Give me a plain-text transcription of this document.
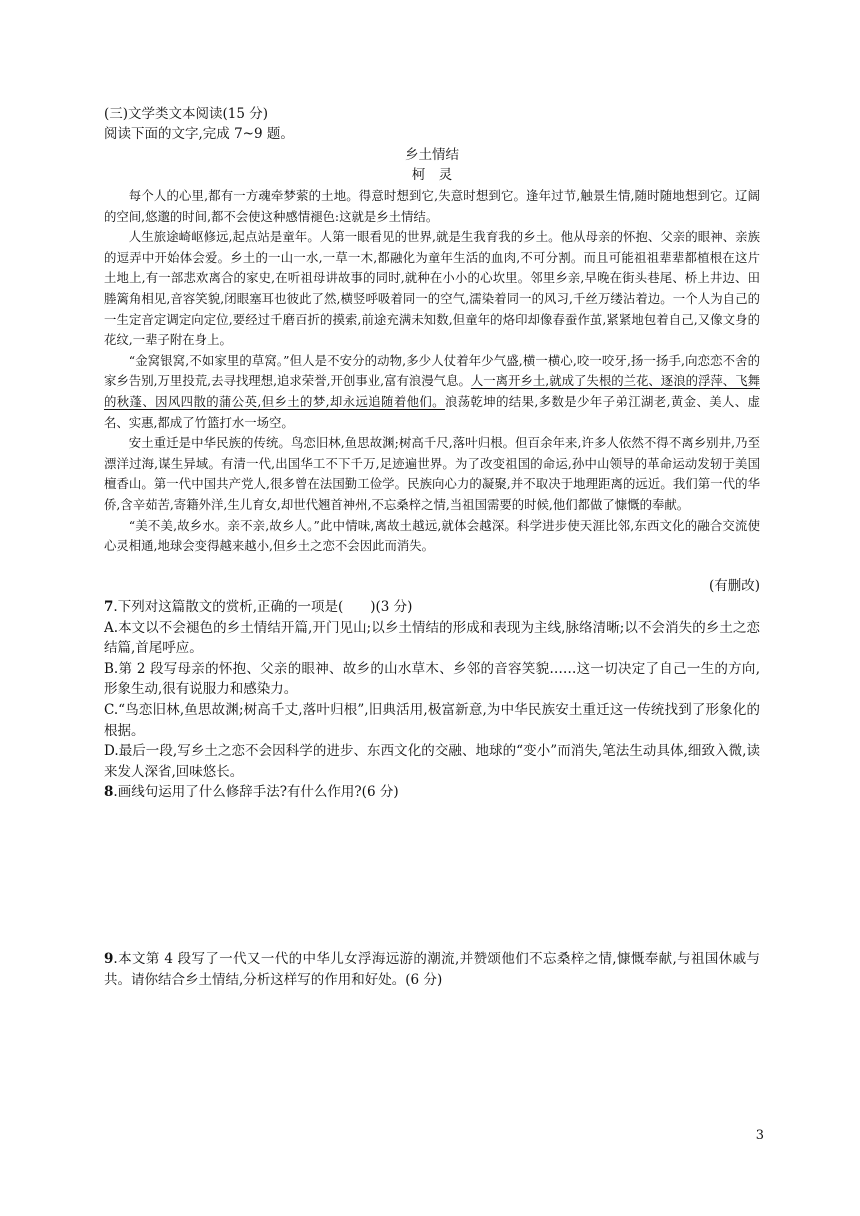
(三)文学类文本阅读(15 分)
阅读下面的文字,完成 7~9 题。
乡土情结
柯　灵

每个人的心里,都有一方魂牵梦萦的土地。得意时想到它,失意时想到它。逢年过节,触景生情,随时随地想到它。辽阔的空间,悠邈的时间,都不会使这种感情褪色:这就是乡土情结。

人生旅途崎岖修远,起点站是童年。人第一眼看见的世界,就是生我育我的乡土。他从母亲的怀抱、父亲的眼神、亲族的逗弄中开始体会爱。乡土的一山一水,一草一木,都融化为童年生活的血肉,不可分割。而且可能祖祖辈辈都植根在这片土地上,有一部悲欢离合的家史,在听祖母讲故事的同时,就种在小小的心坎里。邻里乡亲,早晚在街头巷尾、桥上井边、田塍篱角相见,音容笑貌,闭眼塞耳也彼此了然,横竖呼吸着同一的空气,濡染着同一的风习,千丝万缕沾着边。一个人为自己的一生定音定调定向定位,要经过千磨百折的摸索,前途充满未知数,但童年的烙印却像春蚕作茧,紧紧地包着自己,又像文身的花纹,一辈子附在身上。

“金窝银窝,不如家里的草窝。”但人是不安分的动物,多少人仗着年少气盛,横一横心,咬一咬牙,扬一扬手,向恋恋不舍的家乡告别,万里投荒,去寻找理想,追求荣誉,开创事业,富有浪漫气息。人一离开乡土,就成了失根的兰花、逐浪的浮萍、飞舞的秋蓬、因风四散的蒲公英,但乡土的梦,却永远追随着他们。浪荡乾坤的结果,多数是少年子弟江湖老,黄金、美人、虚名、实惠,都成了竹篮打水一场空。

安土重迁是中华民族的传统。鸟恋旧林,鱼思故渊;树高千尺,落叶归根。但百余年来,许多人依然不得不离乡别井,乃至漂洋过海,谋生异域。有清一代,出国华工不下千万,足迹遍世界。为了改变祖国的命运,孙中山领导的革命运动发轫于美国檀香山。第一代中国共产党人,很多曾在法国勤工俭学。民族向心力的凝聚,并不取决于地理距离的远近。我们第一代的华侨,含辛茹苦,寄籍外洋,生儿育女,却世代翘首神州,不忘桑梓之情,当祖国需要的时候,他们都做了慷慨的奉献。

“美不美,故乡水。亲不亲,故乡人。”此中情味,离故土越远,就体会越深。科学进步使天涯比邻,东西文化的融合交流使心灵相通,地球会变得越来越小,但乡土之恋不会因此而消失。

(有删改)

7.下列对这篇散文的赏析,正确的一项是(　　)(3 分)

A.本文以不会褪色的乡土情结开篇,开门见山;以乡土情结的形成和表现为主线,脉络清晰;以不会消失的乡土之恋结篇,首尾呼应。

B.第 2 段写母亲的怀抱、父亲的眼神、故乡的山水草木、乡邻的音容笑貌……这一切决定了自己一生的方向,形象生动,很有说服力和感染力。

C.“鸟恋旧林,鱼思故渊;树高千丈,落叶归根”,旧典活用,极富新意,为中华民族安土重迁这一传统找到了形象化的根据。

D.最后一段,写乡土之恋不会因科学的进步、东西文化的交融、地球的“变小”而消失,笔法生动具体,细致入微,读来发人深省,回味悠长。

8.画线句运用了什么修辞手法?有什么作用?(6 分)

9.本文第 4 段写了一代又一代的中华儿女浮海远游的潮流,并赞颂他们不忘桑梓之情,慷慨奉献,与祖国休戚与共。请你结合乡土情结,分析这样写的作用和好处。(6 分)

3
